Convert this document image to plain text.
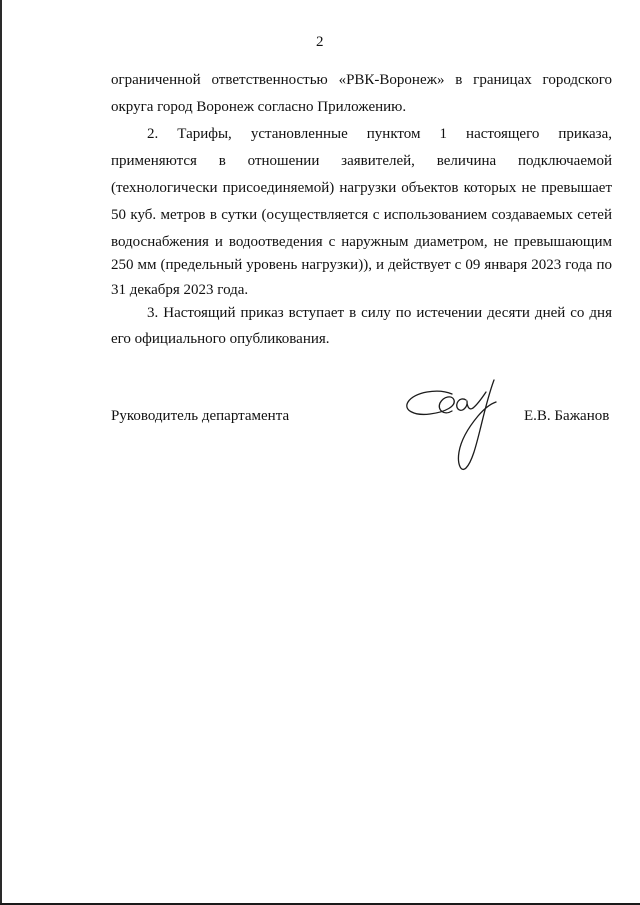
2
ограниченной ответственностью «РВК-Воронеж» в границах городского
округа город Воронеж согласно Приложению.
2. Тарифы, установленные пунктом 1 настоящего приказа,
применяются в отношении заявителей, величина подключаемой
(технологически присоединяемой) нагрузки объектов которых не превышает
50 куб. метров в сутки (осуществляется с использованием создаваемых сетей
водоснабжения и водоотведения с наружным диаметром, не превышающим
250 мм (предельный уровень нагрузки)), и действует с 09 января 2023 года по
31 декабря 2023 года.
3. Настоящий приказ вступает в силу по истечении десяти дней со дня
его официального опубликования.
Руководитель департамента	Е.В. Бажанов
